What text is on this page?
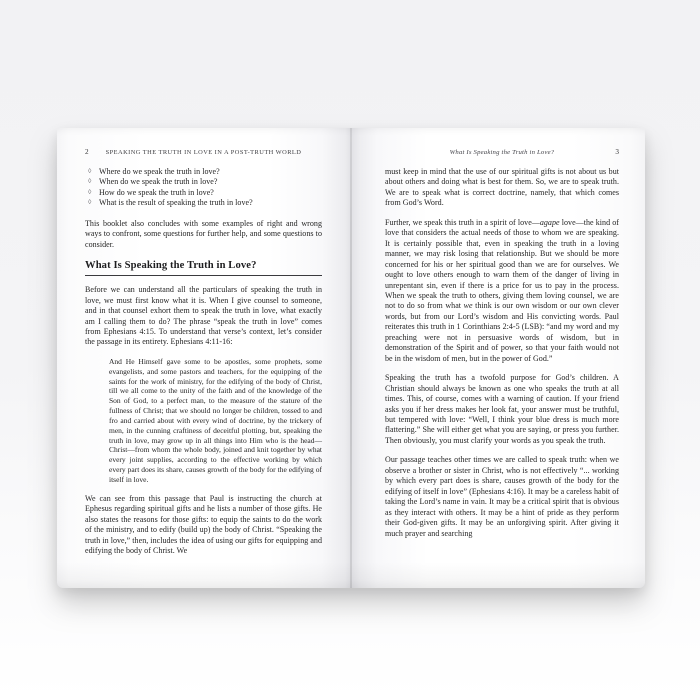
2	SPEAKING THE TRUTH IN LOVE IN A POST-TRUTH WORLD
◊ Where do we speak the truth in love?
◊ When do we speak the truth in love?
◊ How do we speak the truth in love?
◊ What is the result of speaking the truth in love?

This booklet also concludes with some examples of right and wrong ways to confront, some questions for further help, and some questions to consider.

What Is Speaking the Truth in Love?

Before we can understand all the particulars of speaking the truth in love, we must first know what it is. When I give counsel to someone, and in that counsel exhort them to speak the truth in love, what exactly am I calling them to do? The phrase “speak the truth in love” comes from Ephesians 4:15. To understand that verse’s context, let’s consider the passage in its entirety. Ephesians 4:11-16:

And He Himself gave some to be apostles, some prophets, some evangelists, and some pastors and teachers, for the equipping of the saints for the work of ministry, for the edifying of the body of Christ, till we all come to the unity of the faith and of the knowledge of the Son of God, to a perfect man, to the measure of the stature of the fullness of Christ; that we should no longer be children, tossed to and fro and carried about with every wind of doctrine, by the trickery of men, in the cunning craftiness of deceitful plotting, but, speaking the truth in love, may grow up in all things into Him who is the head—Christ—from whom the whole body, joined and knit together by what every joint supplies, according to the effective working by which every part does its share, causes growth of the body for the edifying of itself in love.

We can see from this passage that Paul is instructing the church at Ephesus regarding spiritual gifts and he lists a number of those gifts. He also states the reasons for those gifts: to equip the saints to do the work of the ministry, and to edify (build up) the body of Christ. “Speaking the truth in love,” then, includes the idea of using our gifts for equipping and edifying the body of Christ. We

What Is Speaking the Truth in Love?	3

must keep in mind that the use of our spiritual gifts is not about us but about others and doing what is best for them. So, we are to speak truth. We are to speak what is correct doctrine, namely, that which comes from God’s Word.

Further, we speak this truth in a spirit of love—agape love—the kind of love that considers the actual needs of those to whom we are speaking. It is certainly possible that, even in speaking the truth in a loving manner, we may risk losing that relationship. But we should be more concerned for his or her spiritual good than we are for ourselves. We ought to love others enough to warn them of the danger of living in unrepentant sin, even if there is a price for us to pay in the process. When we speak the truth to others, giving them loving counsel, we are not to do so from what we think is our own wisdom or our own clever words, but from our Lord’s wisdom and His convicting words. Paul reiterates this truth in 1 Corinthians 2:4-5 (LSB): “and my word and my preaching were not in persuasive words of wisdom, but in demonstration of the Spirit and of power, so that your faith would not be in the wisdom of men, but in the power of God.”

Speaking the truth has a twofold purpose for God’s children. A Christian should always be known as one who speaks the truth at all times. This, of course, comes with a warning of caution. If your friend asks you if her dress makes her look fat, your answer must be truthful, but tempered with love: “Well, I think your blue dress is much more flattering.” She will either get what you are saying, or press you further. Then obviously, you must clarify your words as you speak the truth.

Our passage teaches other times we are called to speak truth: when we observe a brother or sister in Christ, who is not effectively “... working by which every part does is share, causes growth of the body for the edifying of itself in love” (Ephesians 4:16). It may be a careless habit of taking the Lord’s name in vain. It may be a critical spirit that is obvious as they interact with others. It may be a hint of pride as they perform their God-given gifts. It may be an unforgiving spirit. After giving it much prayer and searching
